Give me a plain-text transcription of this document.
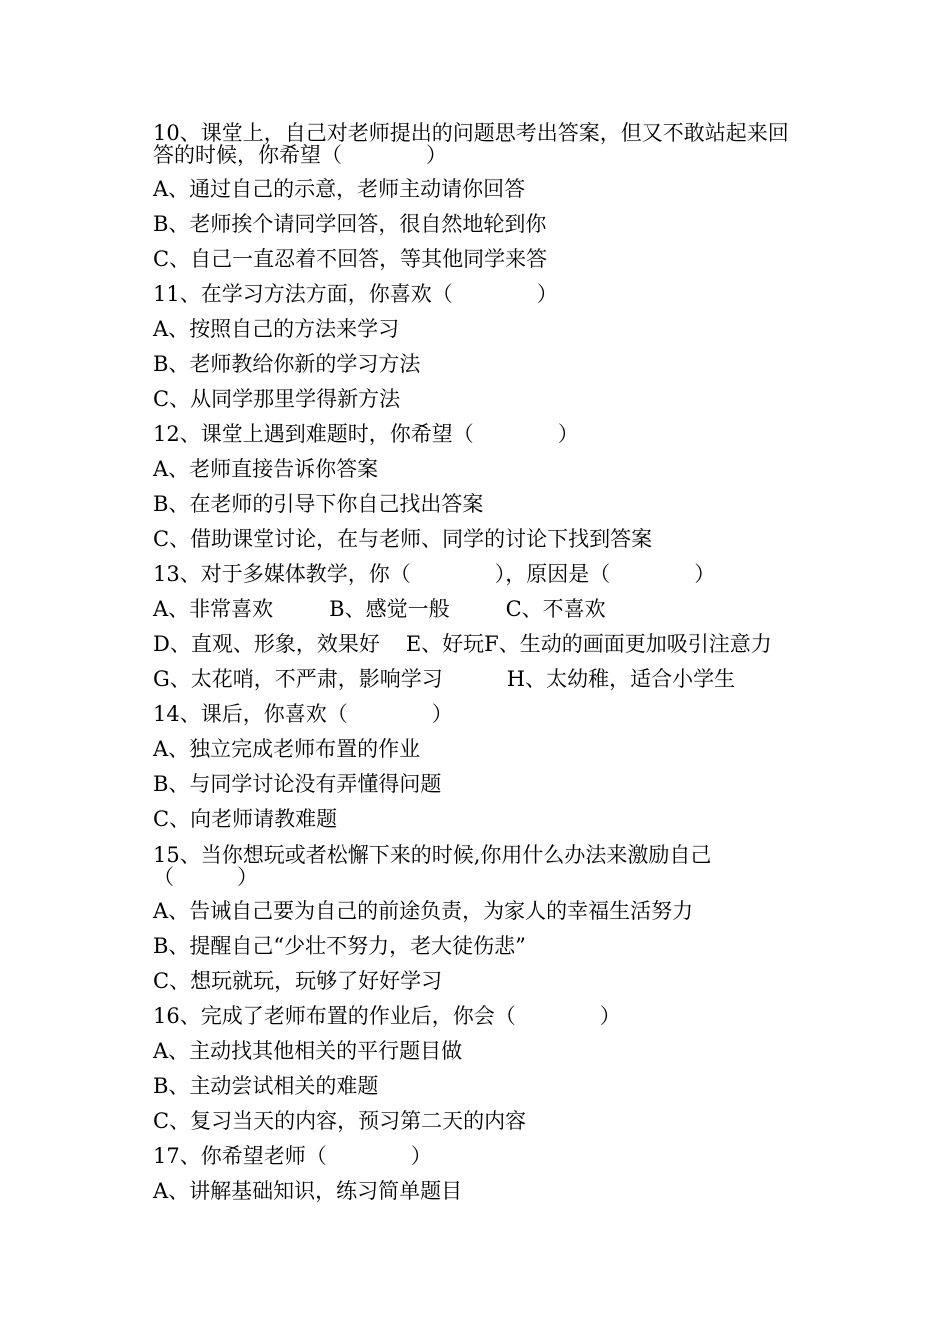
10、课堂上，自己对老师提出的问题思考出答案，但又不敢站起来回答的时候，你希望（　　　　）
A、通过自己的示意，老师主动请你回答
B、老师挨个请同学回答，很自然地轮到你
C、自己一直忍着不回答，等其他同学来答
11、在学习方法方面，你喜欢（　　　　）
A、按照自己的方法来学习
B、老师教给你新的学习方法
C、从同学那里学得新方法
12、课堂上遇到难题时，你希望（　　　　）
A、老师直接告诉你答案
B、在老师的引导下你自己找出答案
C、借助课堂讨论，在与老师、同学的讨论下找到答案
13、对于多媒体教学，你（　　　　），原因是（　　　　）
A、非常喜欢	B、感觉一般	C、不喜欢
D、直观、形象，效果好 E、好玩F、生动的画面更加吸引注意力
G、太花哨，不严肃，影响学习	H、太幼稚，适合小学生
14、课后，你喜欢（　　　　）
A、独立完成老师布置的作业
B、与同学讨论没有弄懂得问题
C、向老师请教难题
15、当你想玩或者松懈下来的时候,你用什么办法来激励自己（　　　）
A、告诫自己要为自己的前途负责，为家人的幸福生活努力
B、提醒自己“少壮不努力，老大徒伤悲”
C、想玩就玩，玩够了好好学习
16、完成了老师布置的作业后，你会（　　　　）
A、主动找其他相关的平行题目做
B、主动尝试相关的难题
C、复习当天的内容，预习第二天的内容
17、你希望老师（　　　　）
A、讲解基础知识，练习简单题目
